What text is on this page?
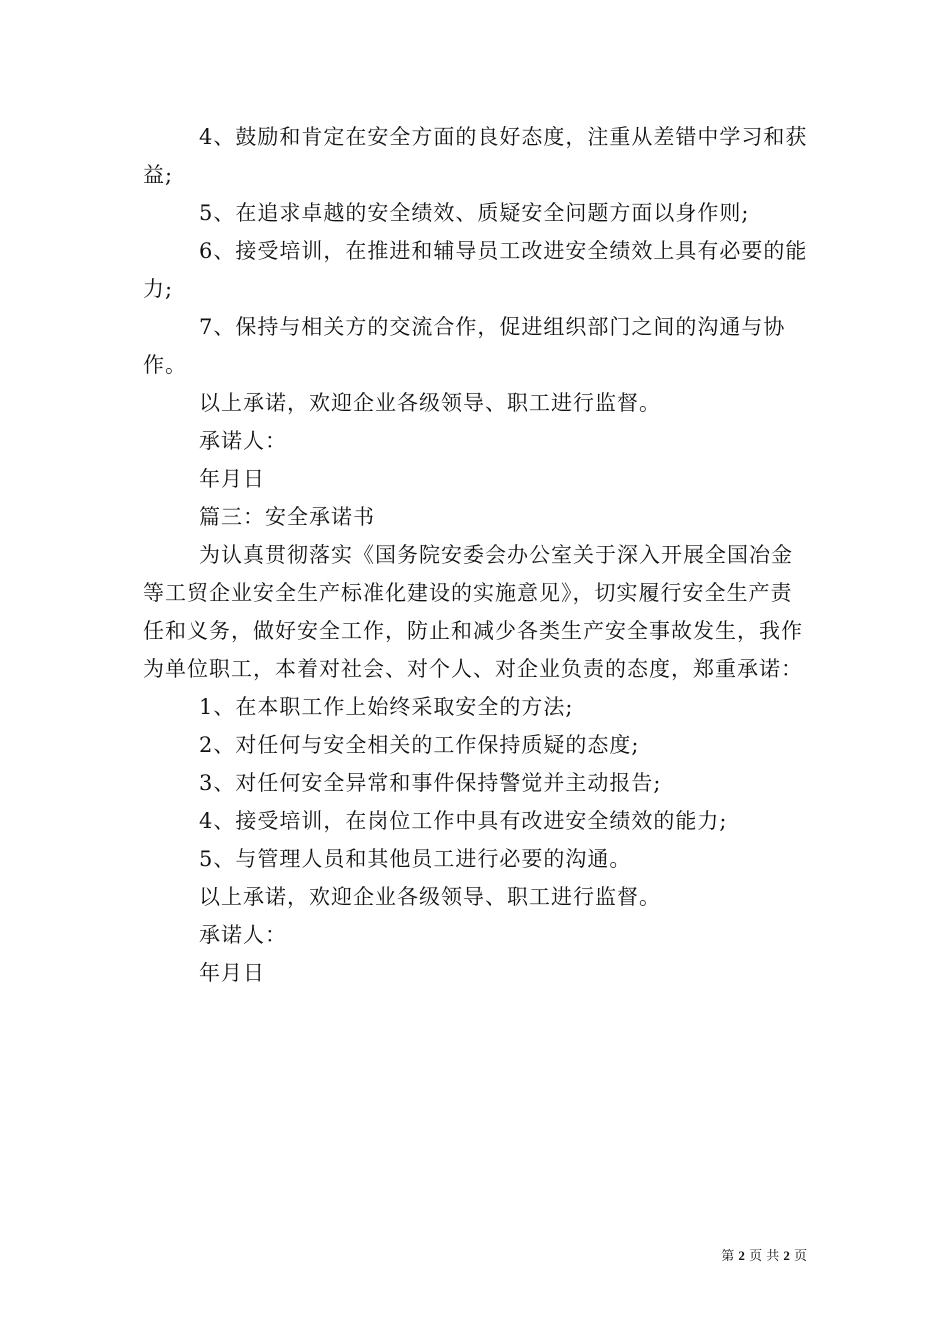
4、鼓励和肯定在安全方面的良好态度，注重从差错中学习和获益;

5、在追求卓越的安全绩效、质疑安全问题方面以身作则;

6、接受培训，在推进和辅导员工改进安全绩效上具有必要的能力;

7、保持与相关方的交流合作，促进组织部门之间的沟通与协作。

以上承诺，欢迎企业各级领导、职工进行监督。

承诺人：

年月日

篇三：安全承诺书

为认真贯彻落实《国务院安委会办公室关于深入开展全国冶金等工贸企业安全生产标准化建设的实施意见》，切实履行安全生产责任和义务，做好安全工作，防止和减少各类生产安全事故发生，我作为单位职工，本着对社会、对个人、对企业负责的态度，郑重承诺：

1、在本职工作上始终采取安全的方法;

2、对任何与安全相关的工作保持质疑的态度;

3、对任何安全异常和事件保持警觉并主动报告;

4、接受培训，在岗位工作中具有改进安全绩效的能力;

5、与管理人员和其他员工进行必要的沟通。

以上承诺，欢迎企业各级领导、职工进行监督。

承诺人：

年月日

第 2 页 共 2 页
